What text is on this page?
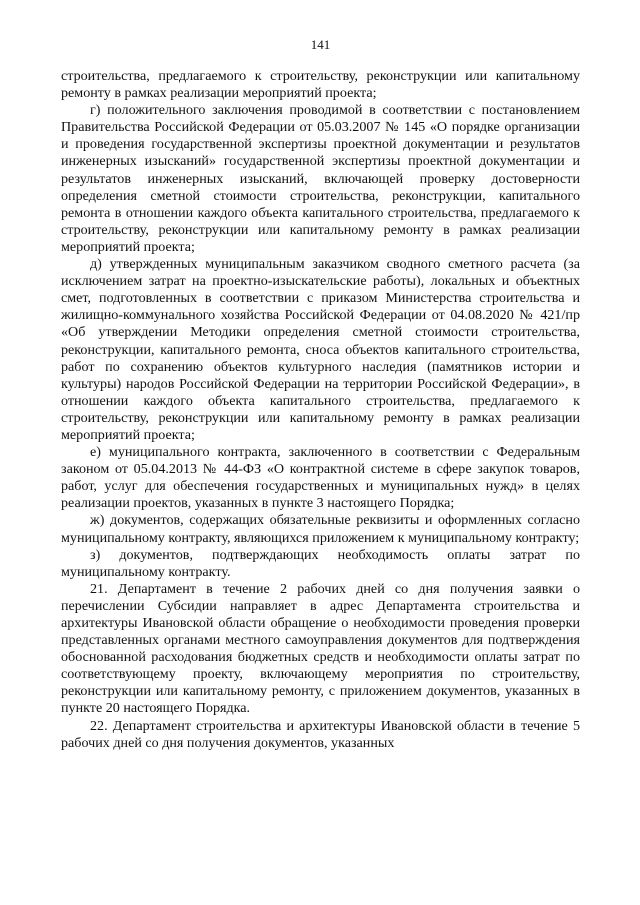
141

строительства, предлагаемого к строительству, реконструкции или капитальному ремонту в рамках реализации мероприятий проекта;

г) положительного заключения проводимой в соответствии с постановлением Правительства Российской Федерации от 05.03.2007 № 145 «О порядке организации и проведения государственной экспертизы проектной документации и результатов инженерных изысканий» государственной экспертизы проектной документации и результатов инженерных изысканий, включающей проверку достоверности определения сметной стоимости строительства, реконструкции, капитального ремонта в отношении каждого объекта капитального строительства, предлагаемого к строительству, реконструкции или капитальному ремонту в рамках реализации мероприятий проекта;

д) утвержденных муниципальным заказчиком сводного сметного расчета (за исключением затрат на проектно-изыскательские работы), локальных и объектных смет, подготовленных в соответствии с приказом Министерства строительства и жилищно-коммунального хозяйства Российской Федерации от 04.08.2020 № 421/пр «Об утверждении Методики определения сметной стоимости строительства, реконструкции, капитального ремонта, сноса объектов капитального строительства, работ по сохранению объектов культурного наследия (памятников истории и культуры) народов Российской Федерации на территории Российской Федерации», в отношении каждого объекта капитального строительства, предлагаемого к строительству, реконструкции или капитальному ремонту в рамках реализации мероприятий проекта;

е) муниципального контракта, заключенного в соответствии с Федеральным законом от 05.04.2013 № 44-ФЗ «О контрактной системе в сфере закупок товаров, работ, услуг для обеспечения государственных и муниципальных нужд» в целях реализации проектов, указанных в пункте 3 настоящего Порядка;

ж) документов, содержащих обязательные реквизиты и оформленных согласно муниципальному контракту, являющихся приложением к муниципальному контракту;

з) документов, подтверждающих необходимость оплаты затрат по муниципальному контракту.

21. Департамент в течение 2 рабочих дней со дня получения заявки о перечислении Субсидии направляет в адрес Департамента строительства и архитектуры Ивановской области обращение о необходимости проведения проверки представленных органами местного самоуправления документов для подтверждения обоснованной расходования бюджетных средств и необходимости оплаты затрат по соответствующему проекту, включающему мероприятия по строительству, реконструкции или капитальному ремонту, с приложением документов, указанных в пункте 20 настоящего Порядка.

22. Департамент строительства и архитектуры Ивановской области в течение 5 рабочих дней со дня получения документов, указанных
